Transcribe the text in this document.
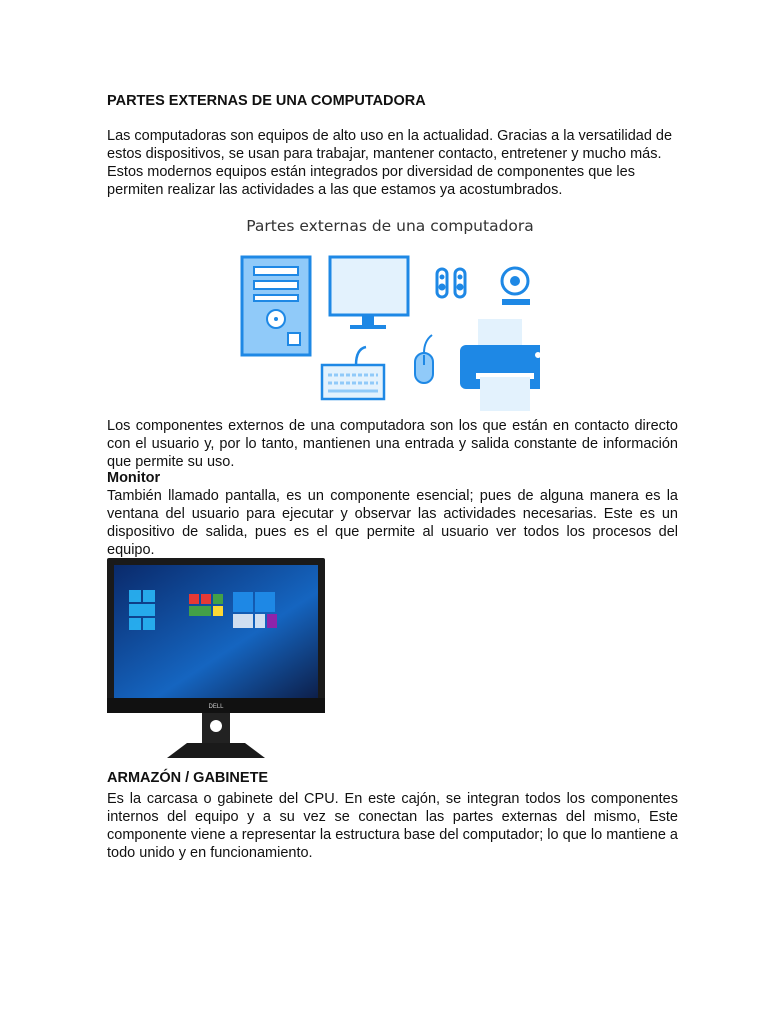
PARTES EXTERNAS DE UNA COMPUTADORA

Las computadoras son equipos de alto uso en la actualidad. Gracias a la versatilidad de estos dispositivos, se usan para trabajar, mantener contacto, entretener y mucho más. Estos modernos equipos están integrados por diversidad de componentes que les permiten realizar las actividades a las que estamos ya acostumbrados.

Partes externas de una computadora

Los componentes externos de una computadora son los que están en contacto directo con el usuario y, por lo tanto, mantienen una entrada y salida constante de información que permite su uso.

Monitor

También llamado pantalla, es un componente esencial; pues de alguna manera es la ventana del usuario para ejecutar y observar las actividades necesarias. Este es un dispositivo de salida, pues es el que permite al usuario ver todos los procesos del equipo.

DELL
ARMAZÓN / GABINETE

Es la carcasa o gabinete del CPU. En este cajón, se integran todos los componentes internos del equipo y a su vez se conectan las partes externas del mismo, Este componente viene a representar la estructura base del computador; lo que lo mantiene a todo unido y en funcionamiento.
